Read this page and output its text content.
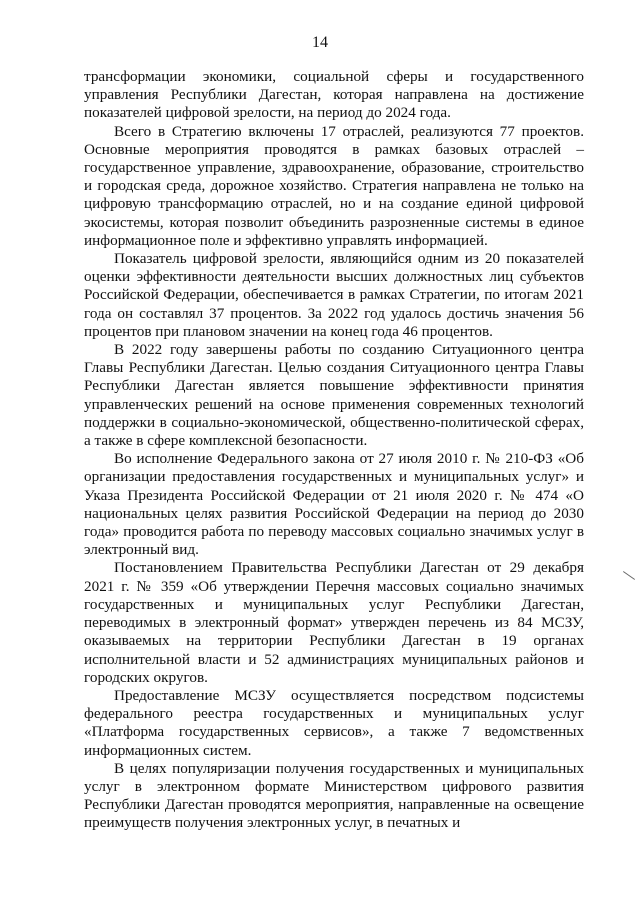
14

трансформации экономики, социальной сферы и государственного управления Республики Дагестан, которая направлена на достижение показателей цифровой зрелости, на период до 2024 года.

Всего в Стратегию включены 17 отраслей, реализуются 77 проектов. Основные мероприятия проводятся в рамках базовых отраслей – государственное управление, здравоохранение, образование, строительство и городская среда, дорожное хозяйство. Стратегия направлена не только на цифровую трансформацию отраслей, но и на создание единой цифровой экосистемы, которая позволит объединить разрозненные системы в единое информационное поле и эффективно управлять информацией.

Показатель цифровой зрелости, являющийся одним из 20 показателей оценки эффективности деятельности высших должностных лиц субъектов Российской Федерации, обеспечивается в рамках Стратегии, по итогам 2021 года он составлял 37 процентов. За 2022 год удалось достичь значения 56 процентов при плановом значении на конец года 46 процентов.

В 2022 году завершены работы по созданию Ситуационного центра Главы Республики Дагестан. Целью создания Ситуационного центра Главы Республики Дагестан является повышение эффективности принятия управленческих решений на основе применения современных технологий поддержки в социально-экономической, общественно-политической сферах, а также в сфере комплексной безопасности.

Во исполнение Федерального закона от 27 июля 2010 г. № 210-ФЗ «Об организации предоставления государственных и муниципальных услуг» и Указа Президента Российской Федерации от 21 июля 2020 г. № 474 «О национальных целях развития Российской Федерации на период до 2030 года» проводится работа по переводу массовых социально значимых услуг в электронный вид.

Постановлением Правительства Республики Дагестан от 29 декабря 2021 г. № 359 «Об утверждении Перечня массовых социально значимых государственных и муниципальных услуг Республики Дагестан, переводимых в электронный формат» утвержден перечень из 84 МСЗУ, оказываемых на территории Республики Дагестан в 19 органах исполнительной власти и 52 администрациях муниципальных районов и городских округов.

Предоставление МСЗУ осуществляется посредством подсистемы федерального реестра государственных и муниципальных услуг «Платформа государственных сервисов», а также 7 ведомственных информационных систем.

В целях популяризации получения государственных и муниципальных услуг в электронном формате Министерством цифрового развития Республики Дагестан проводятся мероприятия, направленные на освещение преимуществ получения электронных услуг, в печатных и
